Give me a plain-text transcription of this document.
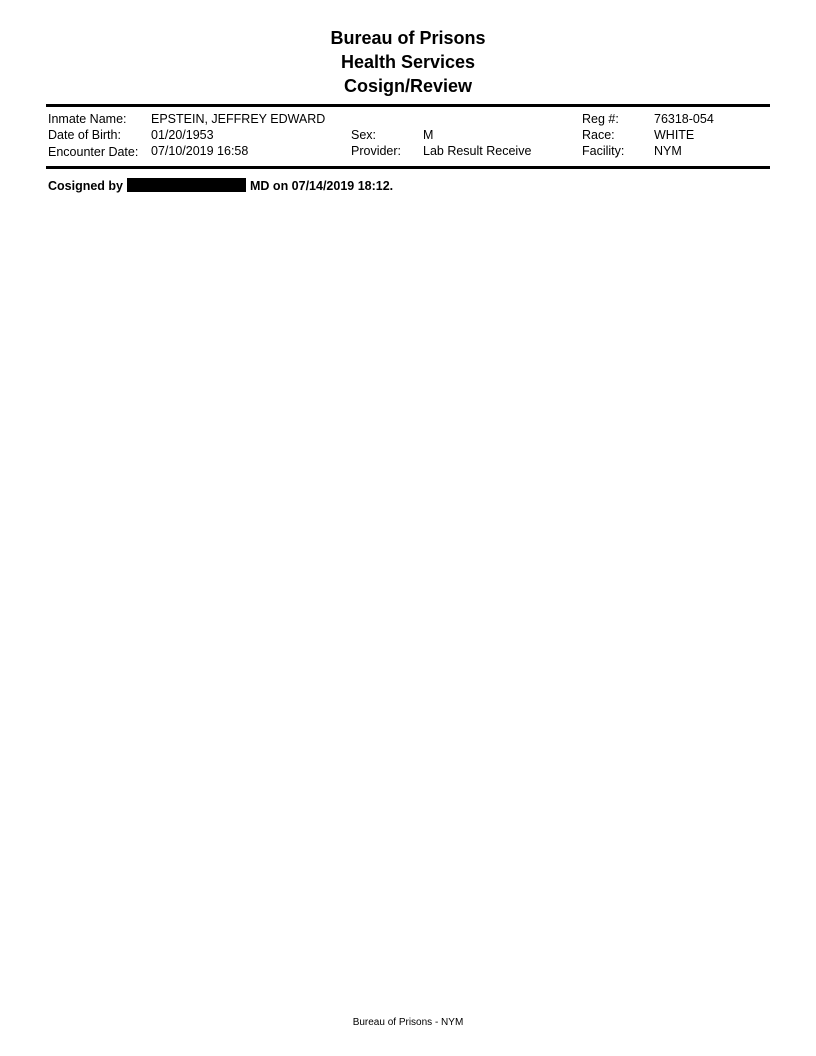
Bureau of Prisons
Health Services
Cosign/Review
Inmate Name: EPSTEIN, JEFFREY EDWARD	Reg #:	76318-054
Date of Birth: 01/20/1953	Sex:	M	Race:	WHITE
Encounter Date: 07/10/2019 16:58	Provider: Lab Result Receive	Facility: NYM
Cosigned by	MD on 07/14/2019 18:12.
Bureau of Prisons - NYM
